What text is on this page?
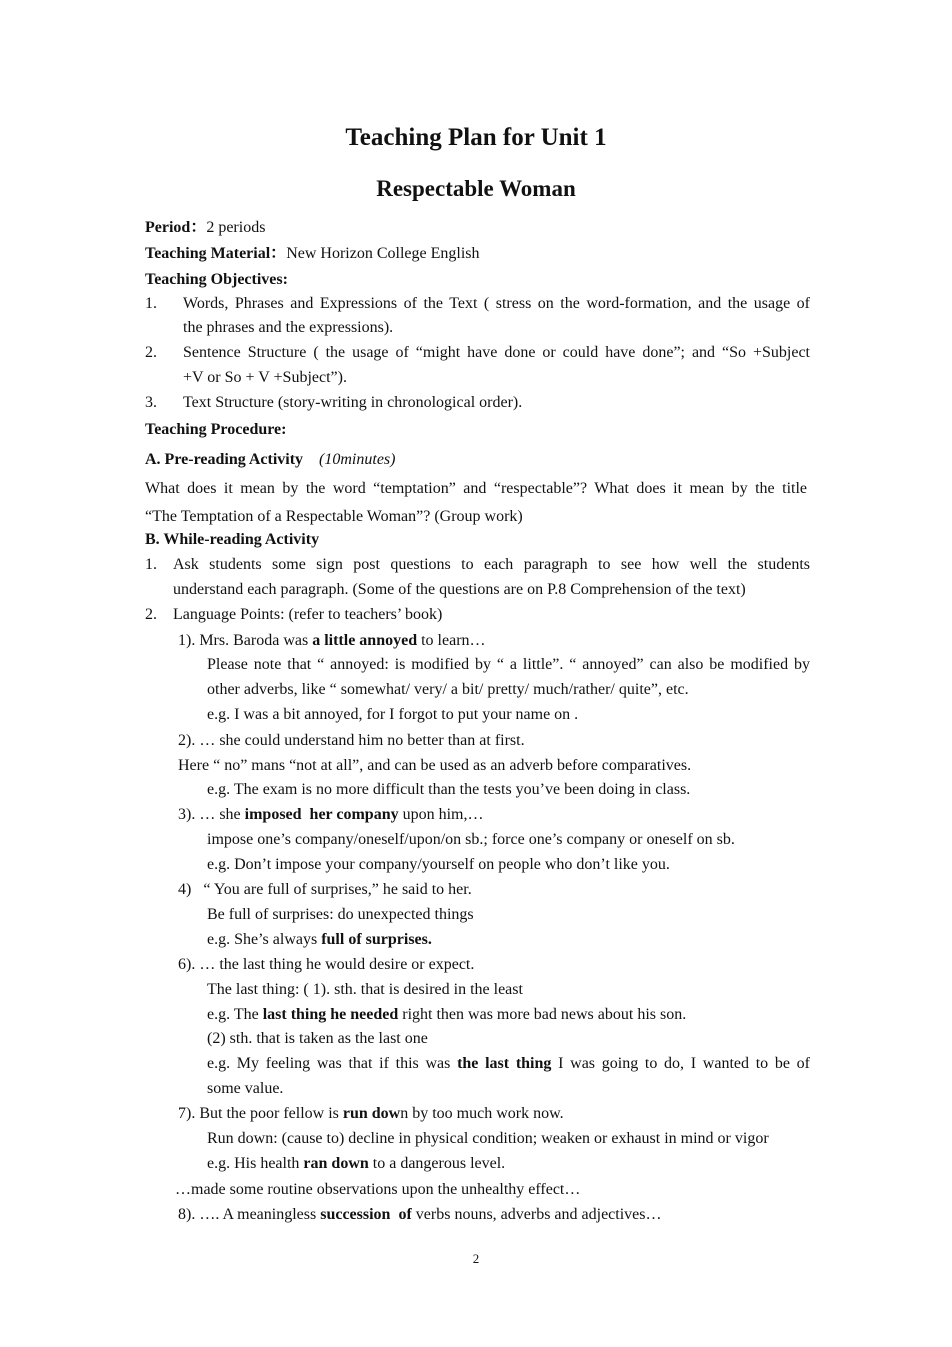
Teaching Plan for Unit 1
Respectable Woman
Period：2 periods
Teaching Material：New Horizon College English
Teaching Objectives:
1. Words, Phrases and Expressions of the Text ( stress on the word-formation, and the usage of
the phrases and the expressions).
2. Sentence Structure ( the usage of “might have done or could have done”; and “So +Subject
+V or So + V +Subject”).
3. Text Structure (story-writing in chronological order).
Teaching Procedure:
A. Pre-reading Activity (10minutes)
What does it mean by the word “temptation” and “respectable”? What does it mean by the title
“The Temptation of a Respectable Woman”? (Group work)
B. While-reading Activity
1. Ask students some sign post questions to each paragraph to see how well the students
understand each paragraph. (Some of the questions are on P.8 Comprehension of the text)
2. Language Points: (refer to teachers’ book)
1). Mrs. Baroda was a little annoyed to learn…
Please note that “ annoyed: is modified by “ a little”. “ annoyed” can also be modified by
other adverbs, like “ somewhat/ very/ a bit/ pretty/ much/rather/ quite”, etc.
e.g. I was a bit annoyed, for I forgot to put your name on .
2). … she could understand him no better than at first.
Here “ no” mans “not at all”, and can be used as an adverb before comparatives.
e.g. The exam is no more difficult than the tests you’ve been doing in class.
3). … she imposed  her company upon him,…
impose one’s company/oneself/upon/on sb.; force one’s company or oneself on sb.
e.g. Don’t impose your company/yourself on people who don’t like you.
4)   “ You are full of surprises,” he said to her.
Be full of surprises: do unexpected things
e.g. She’s always full of surprises.
6). … the last thing he would desire or expect.
The last thing: ( 1). sth. that is desired in the least
e.g. The last thing he needed right then was more bad news about his son.
(2) sth. that is taken as the last one
e.g. My feeling was that if this was the last thing I was going to do, I wanted to be of
some value.
7). But the poor fellow is run down by too much work now.
Run down: (cause to) decline in physical condition; weaken or exhaust in mind or vigor
e.g. His health ran down to a dangerous level.
…made some routine observations upon the unhealthy effect…
8). …. A meaningless succession  of verbs nouns, adverbs and adjectives…
2
